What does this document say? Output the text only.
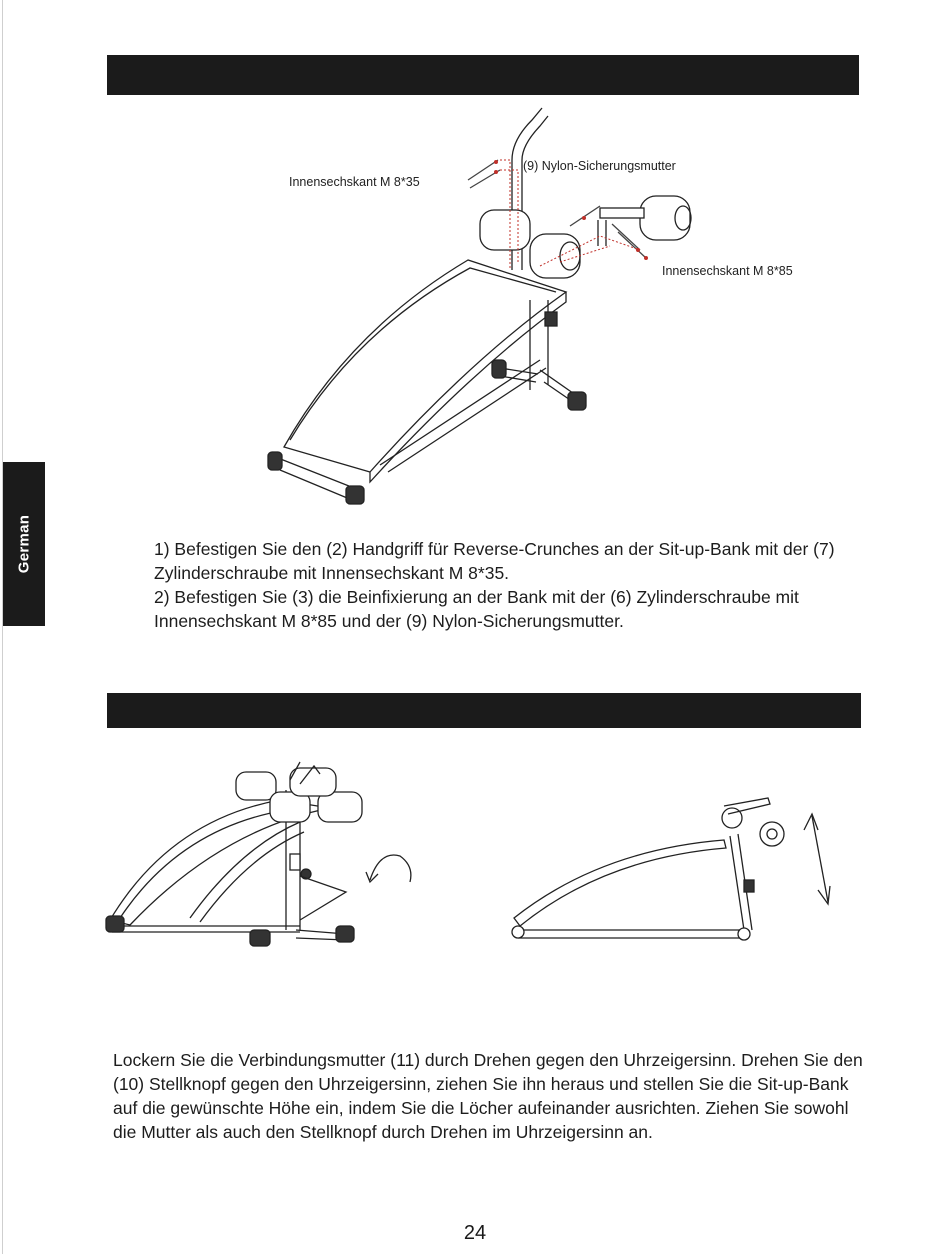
German
(9) Nylon-Sicherungsmutter
Innensechskant M 8*35
Innensechskant M 8*85
1) Befestigen Sie den (2) Handgriff für Reverse-Crunches an der Sit-up-Bank mit der (7) Zylinderschraube mit Innensechskant M 8*35.
2) Befestigen Sie (3) die Beinfixierung an der Bank mit der (6) Zylinderschraube mit Innensechskant M 8*85 und der (9) Nylon-Sicherungsmutter.
Lockern Sie die Verbindungsmutter (11) durch Drehen gegen den Uhrzeigersinn. Drehen Sie den (10) Stellknopf gegen den Uhrzeigersinn, ziehen Sie ihn heraus und stellen Sie die Sit-up-Bank auf die gewünschte Höhe ein, indem Sie die Löcher aufeinander ausrichten. Ziehen Sie sowohl die Mutter als auch den Stellknopf durch Drehen im Uhrzeigersinn an.
24
